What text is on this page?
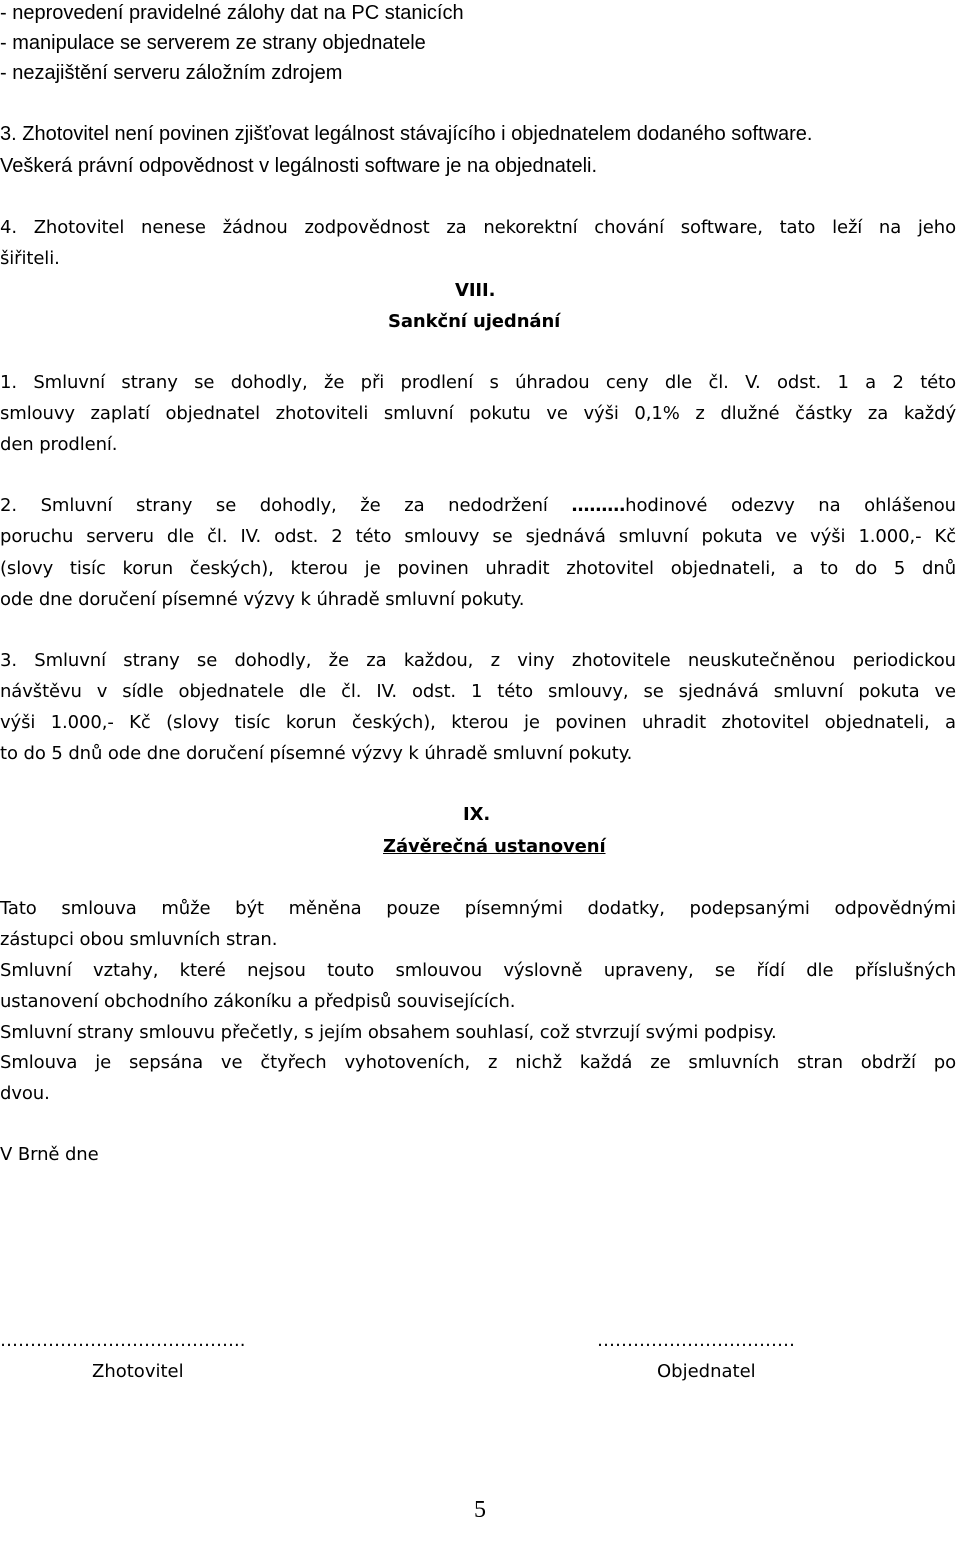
- neprovedení pravidelné zálohy dat na PC stanicích
- manipulace se serverem ze strany objednatele
- nezajištění serveru záložním zdrojem
3. Zhotovitel není povinen zjišťovat legálnost stávajícího i objednatelem dodaného software.
Veškerá právní odpovědnost v legálnosti software je na objednateli.
4. Zhotovitel nenese žádnou zodpovědnost za nekorektní chování software, tato leží na jeho
šiřiteli.
VIII.
Sankční ujednání
1. Smluvní strany se dohodly, že při prodlení s úhradou ceny dle čl. V. odst. 1 a 2 této
smlouvy zaplatí objednatel zhotoviteli smluvní pokutu ve výši 0,1% z dlužné částky za každý
den prodlení.
2. Smluvní strany se dohodly, že za nedodržení ………hodinové odezvy na ohlášenou
poruchu serveru dle čl. IV. odst. 2 této smlouvy se sjednává smluvní pokuta ve výši 1.000,- Kč
(slovy tisíc korun českých), kterou je povinen uhradit zhotovitel objednateli, a to do 5 dnů
ode dne doručení písemné výzvy k úhradě smluvní pokuty.
3. Smluvní strany se dohodly, že za každou, z viny zhotovitele neuskutečněnou periodickou
návštěvu v sídle objednatele dle čl. IV. odst. 1 této smlouvy, se sjednává smluvní pokuta ve
výši 1.000,- Kč (slovy tisíc korun českých), kterou je povinen uhradit zhotovitel objednateli, a
to do 5 dnů ode dne doručení písemné výzvy k úhradě smluvní pokuty.
IX.
Závěrečná ustanovení
Tato smlouva může být měněna pouze písemnými dodatky, podepsanými odpovědnými
zástupci obou smluvních stran.
Smluvní vztahy, které nejsou touto smlouvou výslovně upraveny, se řídí dle příslušných
ustanovení obchodního zákoníku a předpisů souvisejících.
Smluvní strany smlouvu přečetly, s jejím obsahem souhlasí, což stvrzují svými podpisy.
Smlouva je sepsána ve čtyřech vyhotoveních, z nichž každá ze smluvních stran obdrží po
dvou.
V Brně dne
…………………………………..	……………………………
Zhotovitel	Objednatel
5
